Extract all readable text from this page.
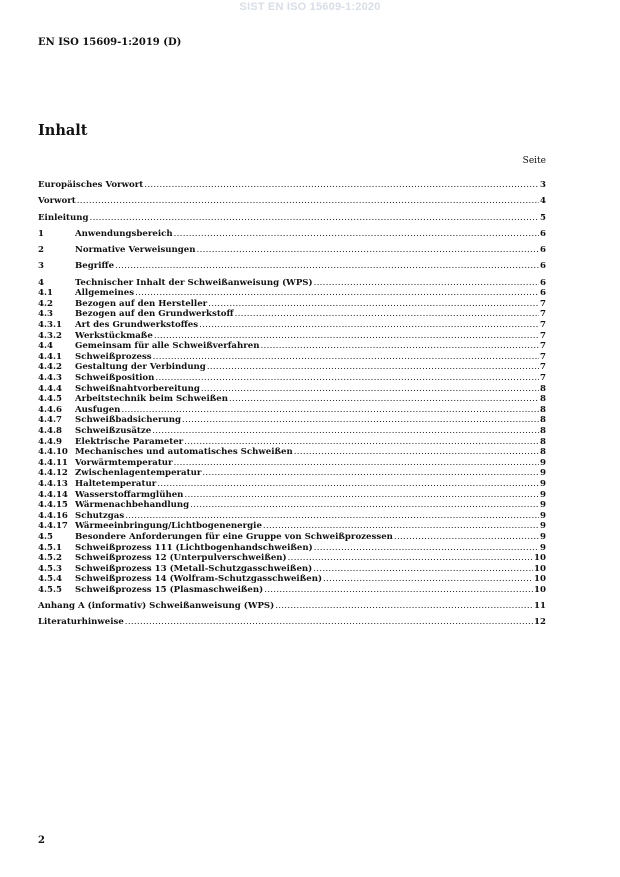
SIST EN ISO 15609-1:2020
EN ISO 15609-1:2019 (D)
Inhalt
Seite
Europäisches Vorwort .....	3
Vorwort .....	4
Einleitung .....	5
1	Anwendungsbereich .....	6
2	Normative Verweisungen .....	6
3	Begriffe .....	6
4	Technischer Inhalt der Schweißanweisung (WPS) .....	6
4.1	Allgemeines .....	6
4.2	Bezogen auf den Hersteller .....	7
4.3	Bezogen auf den Grundwerkstoff .....	7
4.3.1	Art des Grundwerkstoffes .....	7
4.3.2	Werkstückmaße .....	7
4.4	Gemeinsam für alle Schweißverfahren .....	7
4.4.1	Schweißprozess .....	7
4.4.2	Gestaltung der Verbindung .....	7
4.4.3	Schweißposition .....	7
4.4.4	Schweißnahtvorbereitung .....	8
4.4.5	Arbeitstechnik beim Schweißen .....	8
4.4.6	Ausfugen .....	8
4.4.7	Schweißbadsicherung .....	8
4.4.8	Schweißzusätze .....	8
4.4.9	Elektrische Parameter .....	8
4.4.10 Mechanisches und automatisches Schweißen .....	8
4.4.11 Vorwärmtemperatur .....	9
4.4.12 Zwischenlagentemperatur .....	9
4.4.13 Haltetemperatur .....	9
4.4.14 Wasserstoffarmglühen .....	9
4.4.15 Wärmenachbehandlung .....	9
4.4.16 Schutzgas .....	9
4.4.17 Wärmeeinbringung/Lichtbogenenergie .....	9
4.5	Besondere Anforderungen für eine Gruppe von Schweißprozessen .....	9
4.5.1	Schweißprozess 111 (Lichtbogenhandschweißen) .....	9
4.5.2	Schweißprozess 12 (Unterpulverschweißen) .....	10
4.5.3	Schweißprozess 13 (Metall-Schutzgasschweißen) .....	10
4.5.4	Schweißprozess 14 (Wolfram-Schutzgasschweißen) .....	10
4.5.5	Schweißprozess 15 (Plasmaschweißen) .....	10
Anhang A (informativ) Schweißanweisung (WPS) .....	11
Literaturhinweise .....	12
2
